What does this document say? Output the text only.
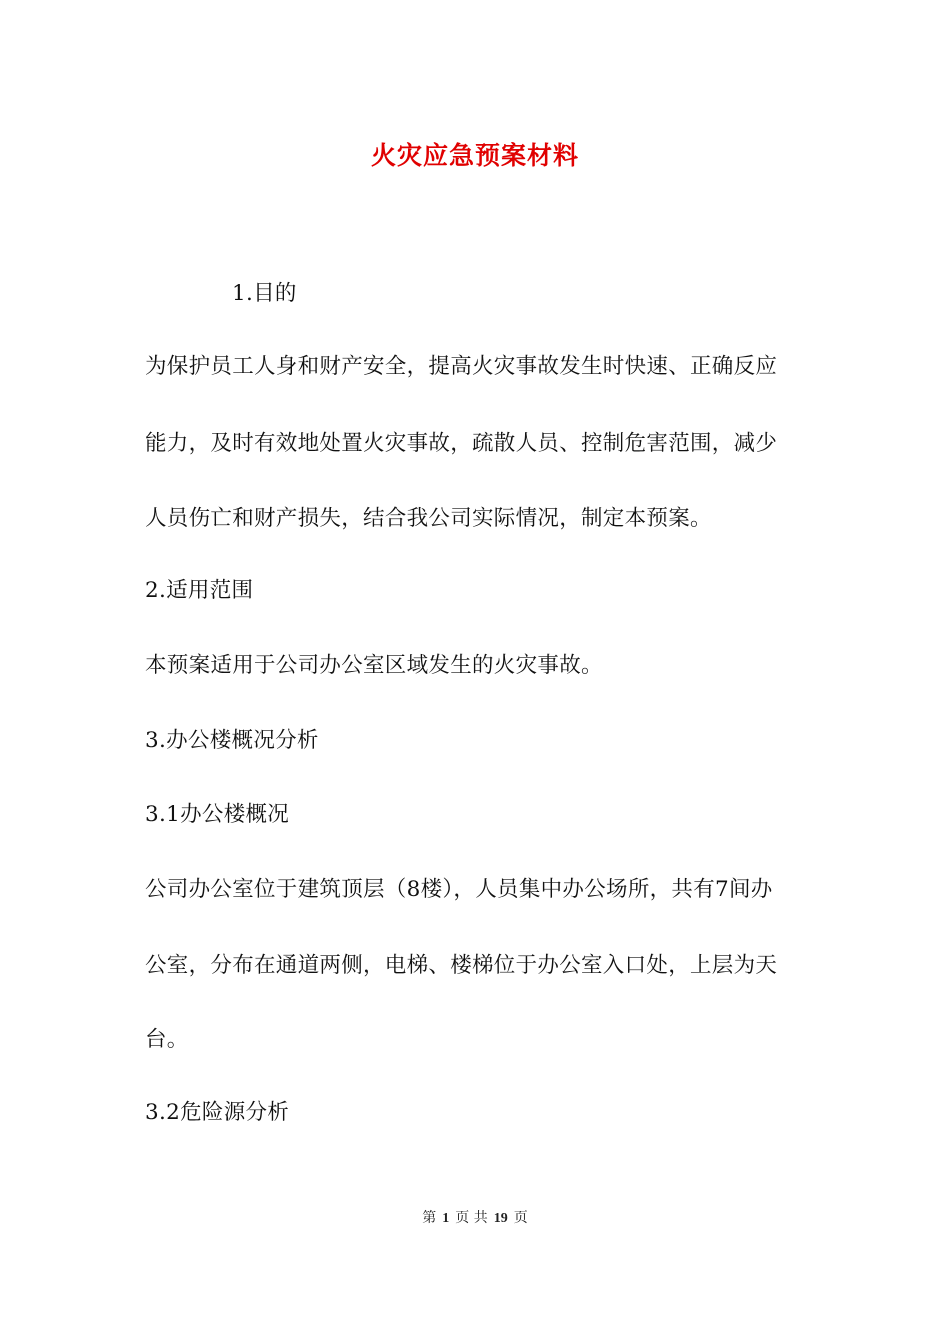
火灾应急预案材料
1.目的
为保护员工人身和财产安全，提高火灾事故发生时快速、正确反应
能力，及时有效地处置火灾事故，疏散人员、控制危害范围，减少
人员伤亡和财产损失，结合我公司实际情况，制定本预案。
2.适用范围
本预案适用于公司办公室区域发生的火灾事故。
3.办公楼概况分析
3.1办公楼概况
公司办公室位于建筑顶层（8楼），人员集中办公场所，共有7间办
公室，分布在通道两侧，电梯、楼梯位于办公室入口处，上层为天
台。
3.2危险源分析
第 1 页 共 19 页
